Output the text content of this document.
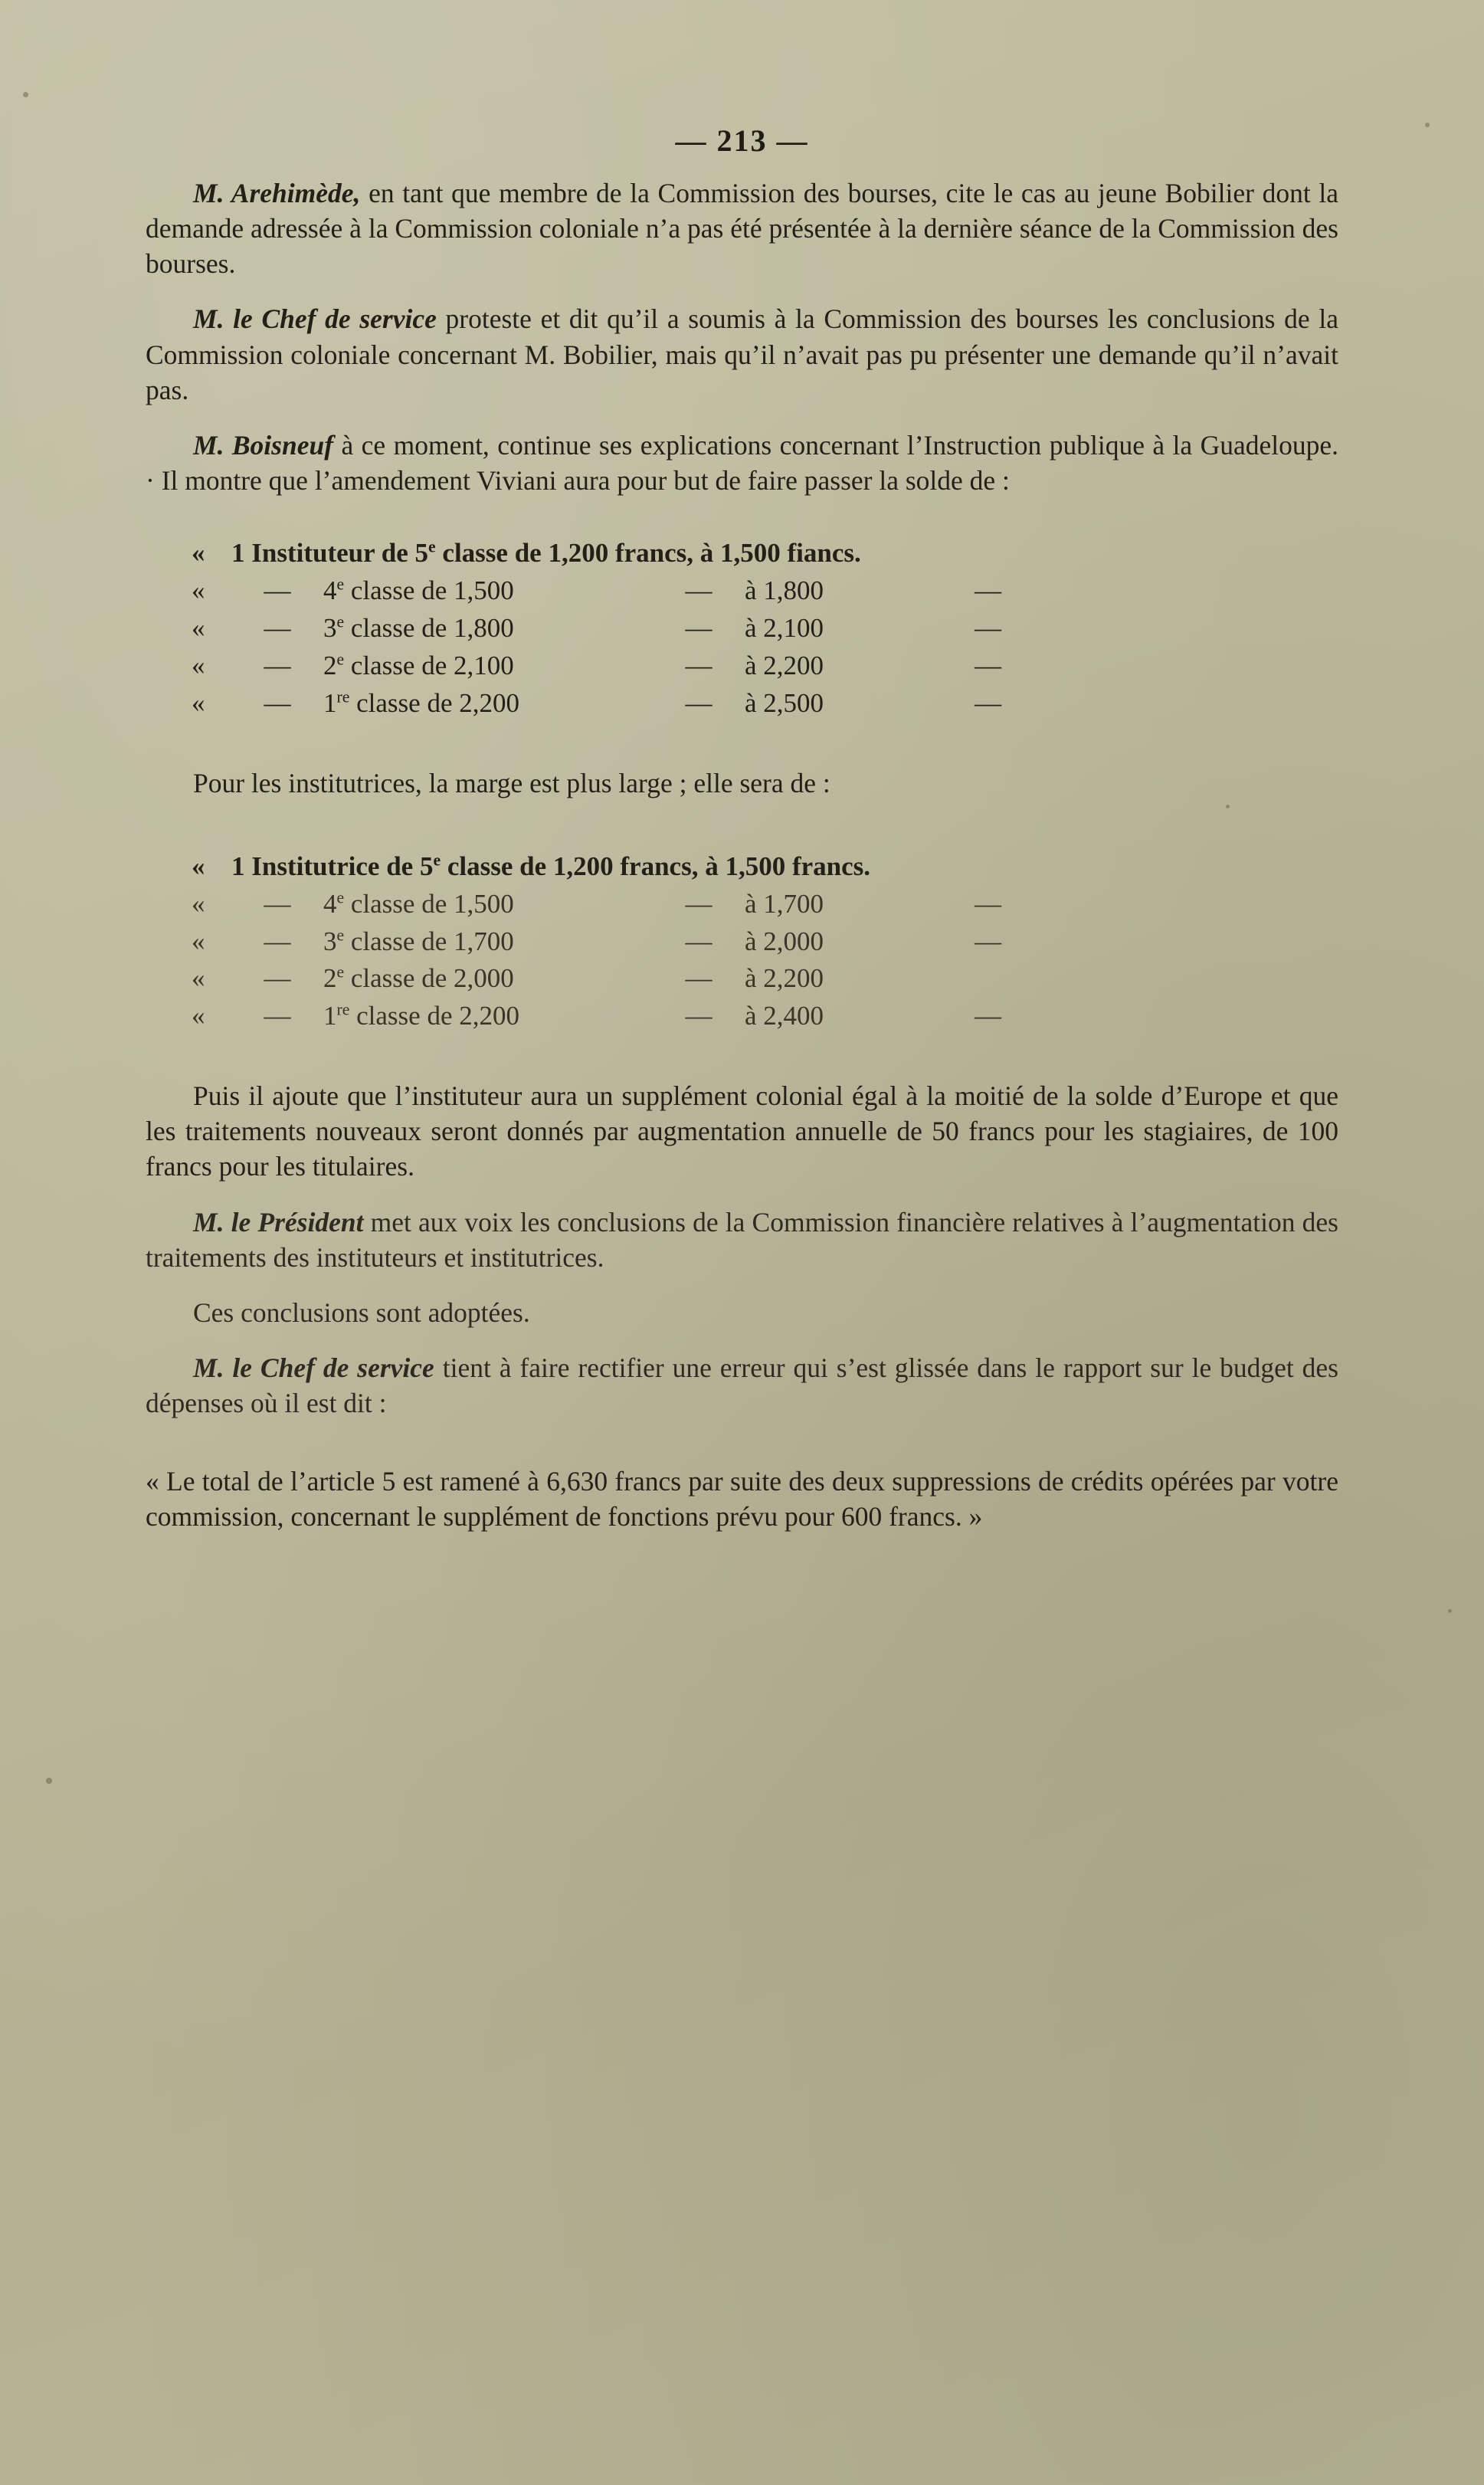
— 213 —

M. Arehimède, en tant que membre de la Commission des bourses, cite le cas au jeune Bobilier dont la demande adressée à la Commission coloniale n’a pas été présentée à la dernière séance de la Commission des bourses.

M. le Chef de service proteste et dit qu’il a soumis à la Commission des bourses les conclusions de la Commission coloniale concernant M. Bobilier, mais qu’il n’avait pas pu présenter une demande qu’il n’avait pas.

M. Boisneuf à ce moment, continue ses explications concernant l’Instruction publique à la Guadeloupe. · Il montre que l’amendement Viviani aura pour but de faire passer la solde de :

«	1 Instituteur de 5e classe de 1,200 francs, à 1,500 fiancs.				
«	—	4e classe de 1,500	—	à 1,800	—
«	—	3e classe de 1,800	—	à 2,100	—
«	—	2e classe de 2,100	—	à 2,200	—
«	—	1re classe de 2,200	—	à 2,500	—

Pour les institutrices, la marge est plus large ; elle sera de :

«	1 Institutrice de 5e classe de 1,200 francs, à 1,500 francs.				
«	—	4e classe de 1,500	—	à 1,700	—
«	—	3e classe de 1,700	—	à 2,000	—
«	—	2e classe de 2,000	—	à 2,200	
«	—	1re classe de 2,200	—	à 2,400	—

Puis il ajoute que l’instituteur aura un supplément colonial égal à la moitié de la solde d’Europe et que les traitements nouveaux seront donnés par augmentation annuelle de 50 francs pour les stagiaires, de 100 francs pour les titulaires.

M. le Président met aux voix les conclusions de la Commission financière relatives à l’augmentation des traitements des instituteurs et institutrices.

Ces conclusions sont adoptées.

M. le Chef de service tient à faire rectifier une erreur qui s’est glissée dans le rapport sur le budget des dépenses où il est dit :

« Le total de l’article 5 est ramené à 6,630 francs par suite des deux suppressions de crédits opérées par votre commission, concernant le supplément de fonctions prévu pour 600 francs. »
